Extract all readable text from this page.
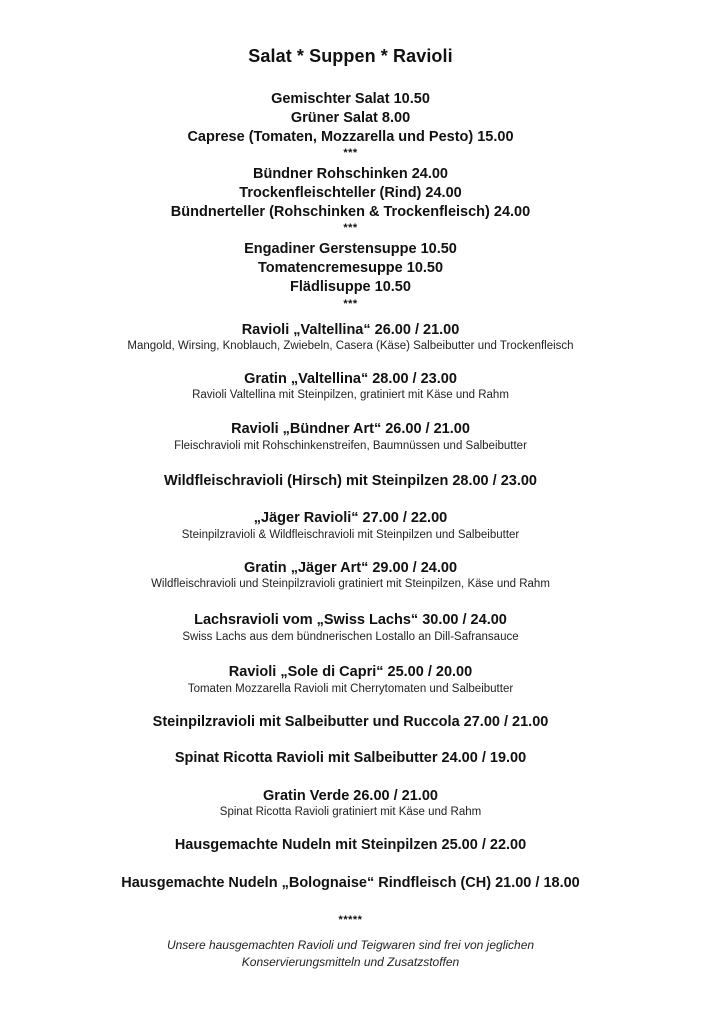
Salat * Suppen * Ravioli
Gemischter Salat 10.50
Grüner Salat 8.00
Caprese (Tomaten, Mozzarella und Pesto) 15.00
***
Bündner Rohschinken 24.00
Trockenfleischteller (Rind) 24.00
Bündnerteller (Rohschinken & Trockenfleisch) 24.00
***
Engadiner Gerstensuppe 10.50
Tomatencremesuppe 10.50
Flädlisuppe 10.50
***
Ravioli „Valtellina“ 26.00 / 21.00
Mangold, Wirsing, Knoblauch, Zwiebeln, Casera (Käse) Salbeibutter und Trockenfleisch
Gratin „Valtellina“ 28.00 / 23.00
Ravioli Valtellina mit Steinpilzen, gratiniert mit Käse und Rahm
Ravioli „Bündner Art“ 26.00 / 21.00
Fleischravioli mit Rohschinkenstreifen, Baumnüssen und Salbeibutter
Wildfleischravioli (Hirsch) mit Steinpilzen 28.00 / 23.00
„Jäger Ravioli“ 27.00 / 22.00
Steinpilzravioli & Wildfleischravioli mit Steinpilzen und Salbeibutter
Gratin „Jäger Art“ 29.00 / 24.00
Wildfleischravioli und Steinpilzravioli gratiniert mit Steinpilzen, Käse und Rahm
Lachsravioli vom „Swiss Lachs“ 30.00 / 24.00
Swiss Lachs aus dem bündnerischen Lostallo an Dill-Safransauce
Ravioli „Sole di Capri“ 25.00 / 20.00
Tomaten Mozzarella Ravioli mit Cherrytomaten und Salbeibutter
Steinpilzravioli mit Salbeibutter und Ruccola 27.00 / 21.00
Spinat Ricotta Ravioli mit Salbeibutter 24.00 / 19.00
Gratin Verde 26.00 / 21.00
Spinat Ricotta Ravioli gratiniert mit Käse und Rahm
Hausgemachte Nudeln mit Steinpilzen 25.00 / 22.00
Hausgemachte Nudeln „Bolognaise“ Rindfleisch (CH) 21.00 / 18.00
*****
Unsere hausgemachten Ravioli und Teigwaren sind frei von jeglichen
Konservierungsmitteln und Zusatzstoffen
